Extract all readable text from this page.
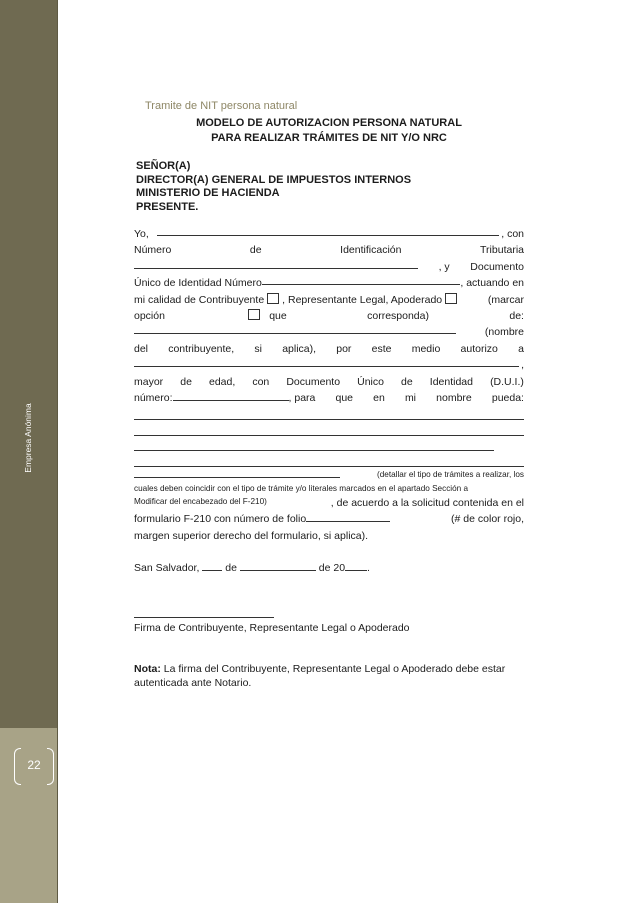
Empresa Anónima
22
Tramite de NIT persona natural
MODELO DE AUTORIZACION PERSONA NATURAL
PARA REALIZAR TRÁMITES DE NIT Y/O NRC
SEÑOR(A)
DIRECTOR(A) GENERAL DE IMPUESTOS INTERNOS
MINISTERIO DE HACIENDA
PRESENTE.
Yo,	, con
Número	de	Identificación	Tributaria
, y Documento
Único de Identidad Número	, actuando en
mi calidad de Contribuyente , Representante Legal, Apoderado	(marcar
opción	que	corresponda)	de:
(nombre
del contribuyente, si aplica), por este medio autorizo a
,
mayor de edad, con Documento Único de Identidad (D.U.I.)
número:	, para que en mi nombre pueda:
(detallar el tipo de trámites a realizar, los
cuales deben coincidir con el tipo de trámite y/o literales marcados en el apartado Sección a
Modificar del encabezado del F-210)	, de acuerdo a la solicitud contenida en el
formulario F-210 con número de folio	(# de color rojo,
margen superior derecho del formulario, si aplica).
San Salvador, de	de 20 .
Firma de Contribuyente, Representante Legal o Apoderado
Nota: La firma del Contribuyente, Representante Legal o Apoderado debe estar
autenticada ante Notario.
